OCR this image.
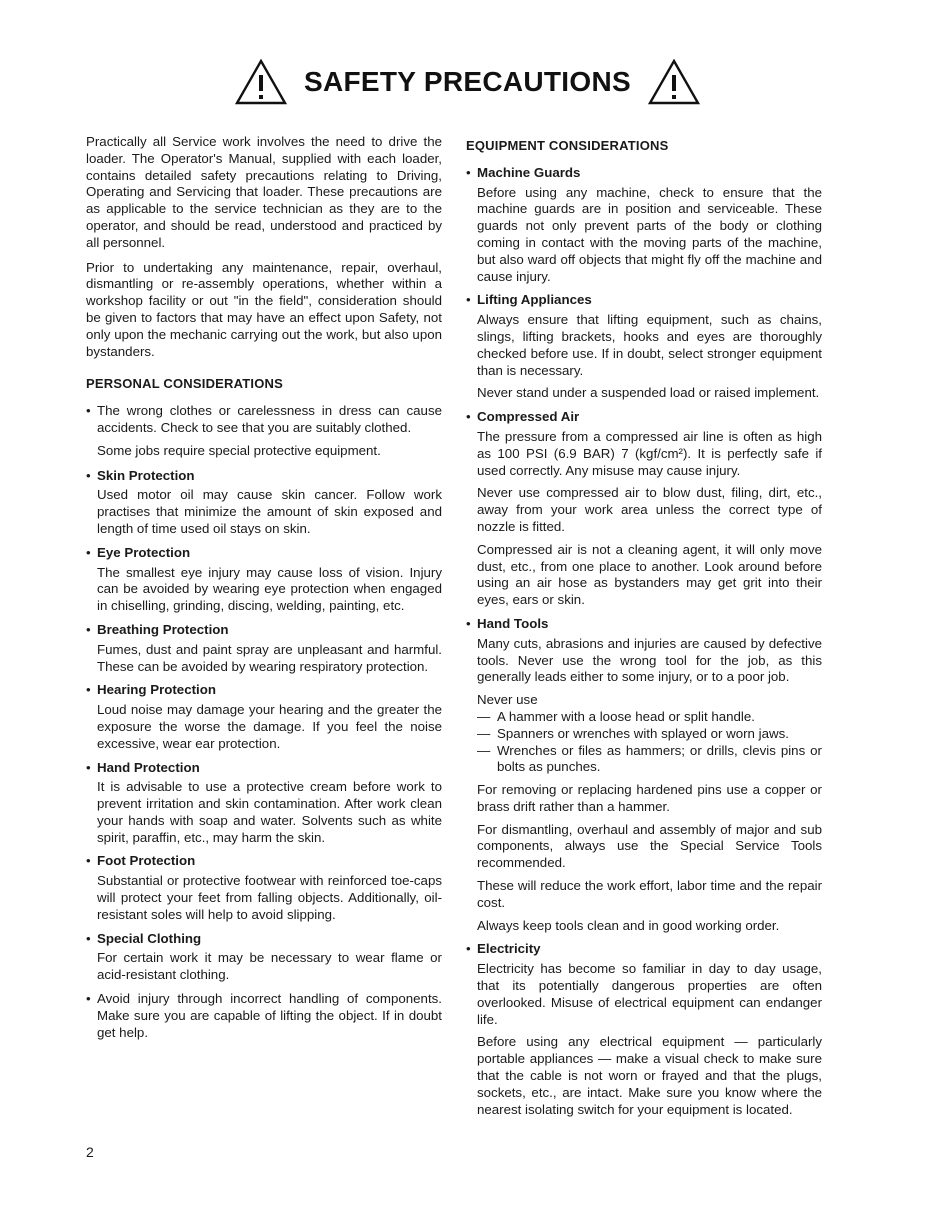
SAFETY PRECAUTIONS

Practically all Service work involves the need to drive the loader. The Operator's Manual, supplied with each loader, contains detailed safety precautions relating to Driving, Operating and Servicing that loader. These precautions are as applicable to the service technician as they are to the operator, and should be read, understood and practiced by all personnel.

Prior to undertaking any maintenance, repair, overhaul, dismantling or re-assembly operations, whether within a workshop facility or out "in the field", consideration should be given to factors that may have an effect upon Safety, not only upon the mechanic carrying out the work, but also upon bystanders.

PERSONAL CONSIDERATIONS
• The wrong clothes or carelessness in dress can cause accidents. Check to see that you are suitably clothed.

Some jobs require special protective equipment.

• Skin Protection

Used motor oil may cause skin cancer. Follow work practises that minimize the amount of skin exposed and length of time used oil stays on skin.

• Eye Protection

The smallest eye injury may cause loss of vision. Injury can be avoided by wearing eye protection when engaged in chiselling, grinding, discing, welding, painting, etc.

• Breathing Protection

Fumes, dust and paint spray are unpleasant and harmful. These can be avoided by wearing respiratory protection.

• Hearing Protection

Loud noise may damage your hearing and the greater the exposure the worse the damage. If you feel the noise excessive, wear ear protection.

• Hand Protection

It is advisable to use a protective cream before work to prevent irritation and skin contamination. After work clean your hands with soap and water. Solvents such as white spirit, paraffin, etc., may harm the skin.

• Foot Protection

Substantial or protective footwear with reinforced toe-caps will protect your feet from falling objects. Additionally, oil-resistant soles will help to avoid slipping.

• Special Clothing

For certain work it may be necessary to wear flame or acid-resistant clothing.

• Avoid injury through incorrect handling of components. Make sure you are capable of lifting the object. If in doubt get help.
EQUIPMENT CONSIDERATIONS
• Machine Guards

Before using any machine, check to ensure that the machine guards are in position and serviceable. These guards not only prevent parts of the body or clothing coming in contact with the moving parts of the machine, but also ward off objects that might fly off the machine and cause injury.

• Lifting Appliances

Always ensure that lifting equipment, such as chains, slings, lifting brackets, hooks and eyes are thoroughly checked before use. If in doubt, select stronger equipment than is necessary.

Never stand under a suspended load or raised implement.

• Compressed Air

The pressure from a compressed air line is often as high as 100 PSI (6.9 BAR) 7 (kgf/cm²). It is perfectly safe if used correctly. Any misuse may cause injury.

Never use compressed air to blow dust, filing, dirt, etc., away from your work area unless the correct type of nozzle is fitted.

Compressed air is not a cleaning agent, it will only move dust, etc., from one place to another. Look around before using an air hose as bystanders may get grit into their eyes, ears or skin.

• Hand Tools

Many cuts, abrasions and injuries are caused by defective tools. Never use the wrong tool for the job, as this generally leads either to some injury, or to a poor job.

Never use

— A hammer with a loose head or split handle.
— Spanners or wrenches with splayed or worn jaws.
— Wrenches or files as hammers; or drills, clevis pins or bolts as punches.

For removing or replacing hardened pins use a copper or brass drift rather than a hammer.

For dismantling, overhaul and assembly of major and sub components, always use the Special Service Tools recommended.

These will reduce the work effort, labor time and the repair cost.

Always keep tools clean and in good working order.

• Electricity

Electricity has become so familiar in day to day usage, that its potentially dangerous properties are often overlooked. Misuse of electrical equipment can endanger life.

Before using any electrical equipment — particularly portable appliances — make a visual check to make sure that the cable is not worn or frayed and that the plugs, sockets, etc., are intact. Make sure you know where the nearest isolating switch for your equipment is located.

2
